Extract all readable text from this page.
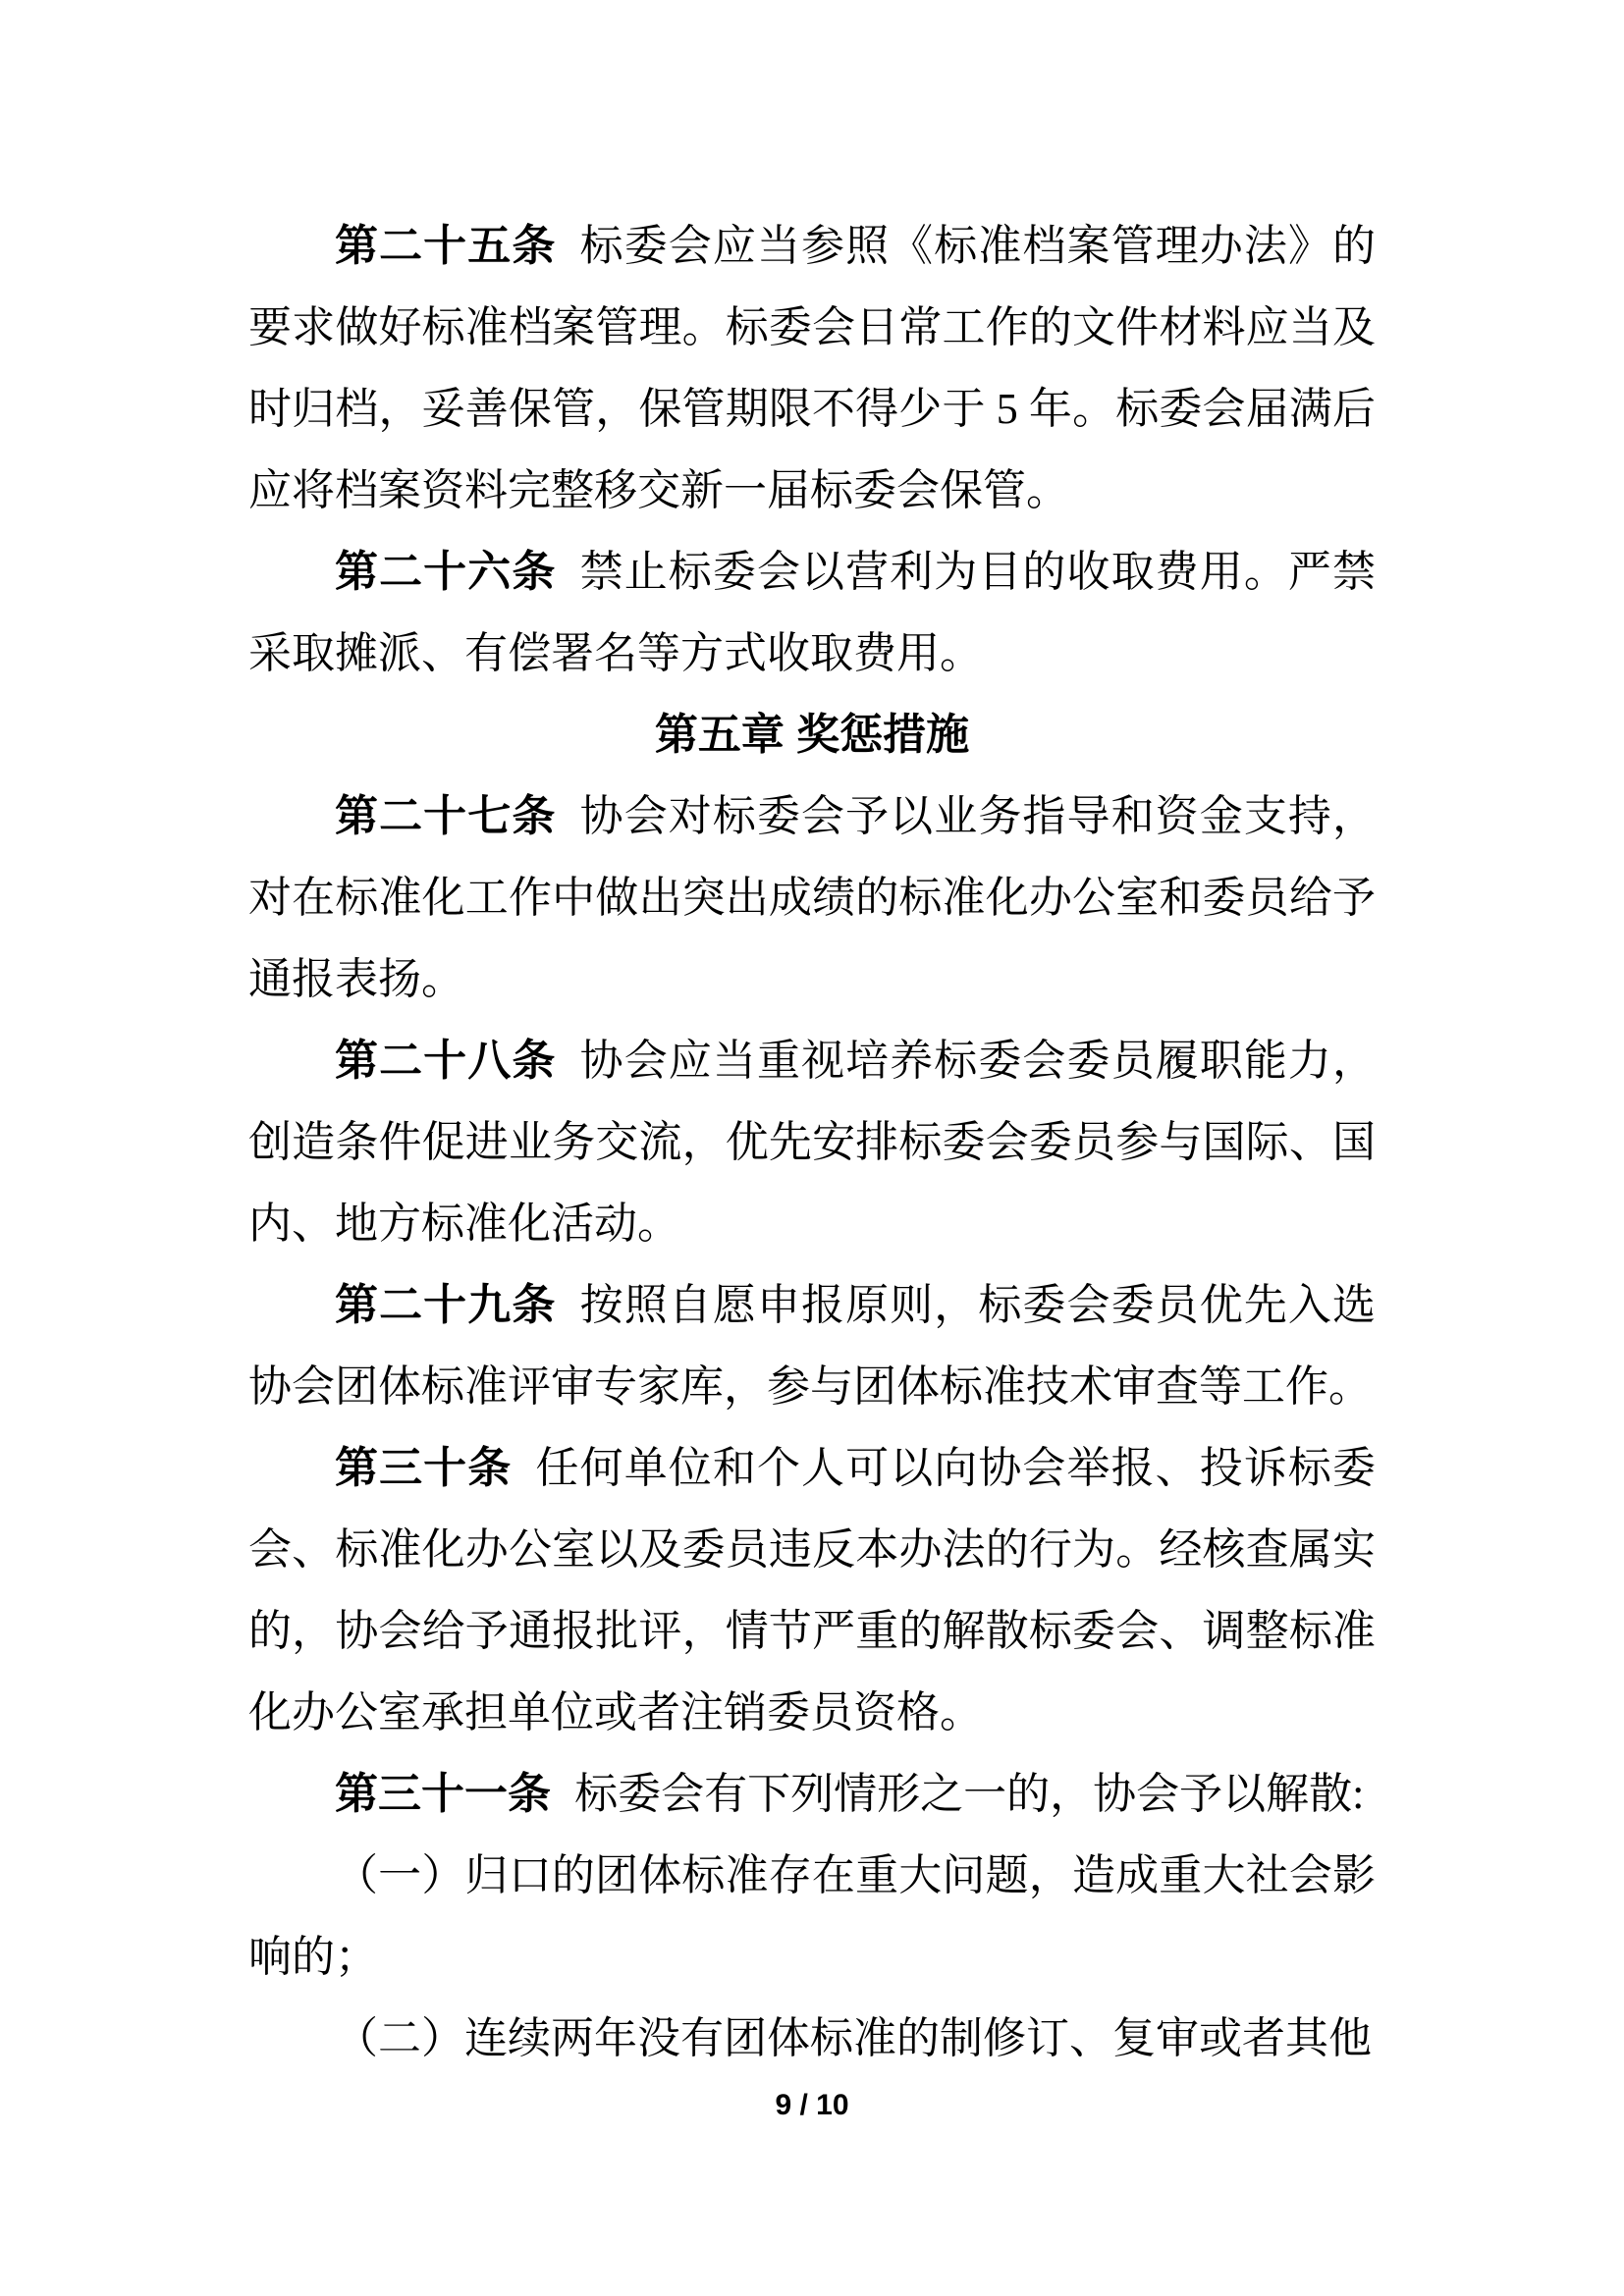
第二十五条 标委会应当参照《标准档案管理办法》的要求做好标准档案管理。标委会日常工作的文件材料应当及时归档，妥善保管，保管期限不得少于 5 年。标委会届满后应将档案资料完整移交新一届标委会保管。

第二十六条 禁止标委会以营利为目的收取费用。严禁采取摊派、有偿署名等方式收取费用。

第五章 奖惩措施

第二十七条 协会对标委会予以业务指导和资金支持，对在标准化工作中做出突出成绩的标准化办公室和委员给予通报表扬。

第二十八条 协会应当重视培养标委会委员履职能力，创造条件促进业务交流，优先安排标委会委员参与国际、国内、地方标准化活动。

第二十九条 按照自愿申报原则，标委会委员优先入选协会团体标准评审专家库，参与团体标准技术审查等工作。

第三十条 任何单位和个人可以向协会举报、投诉标委会、标准化办公室以及委员违反本办法的行为。经核查属实的，协会给予通报批评，情节严重的解散标委会、调整标准化办公室承担单位或者注销委员资格。

第三十一条 标委会有下列情形之一的，协会予以解散:

（一）归口的团体标准存在重大问题，造成重大社会影响的；

（二）连续两年没有团体标准的制修订、复审或者其他

9 / 10
